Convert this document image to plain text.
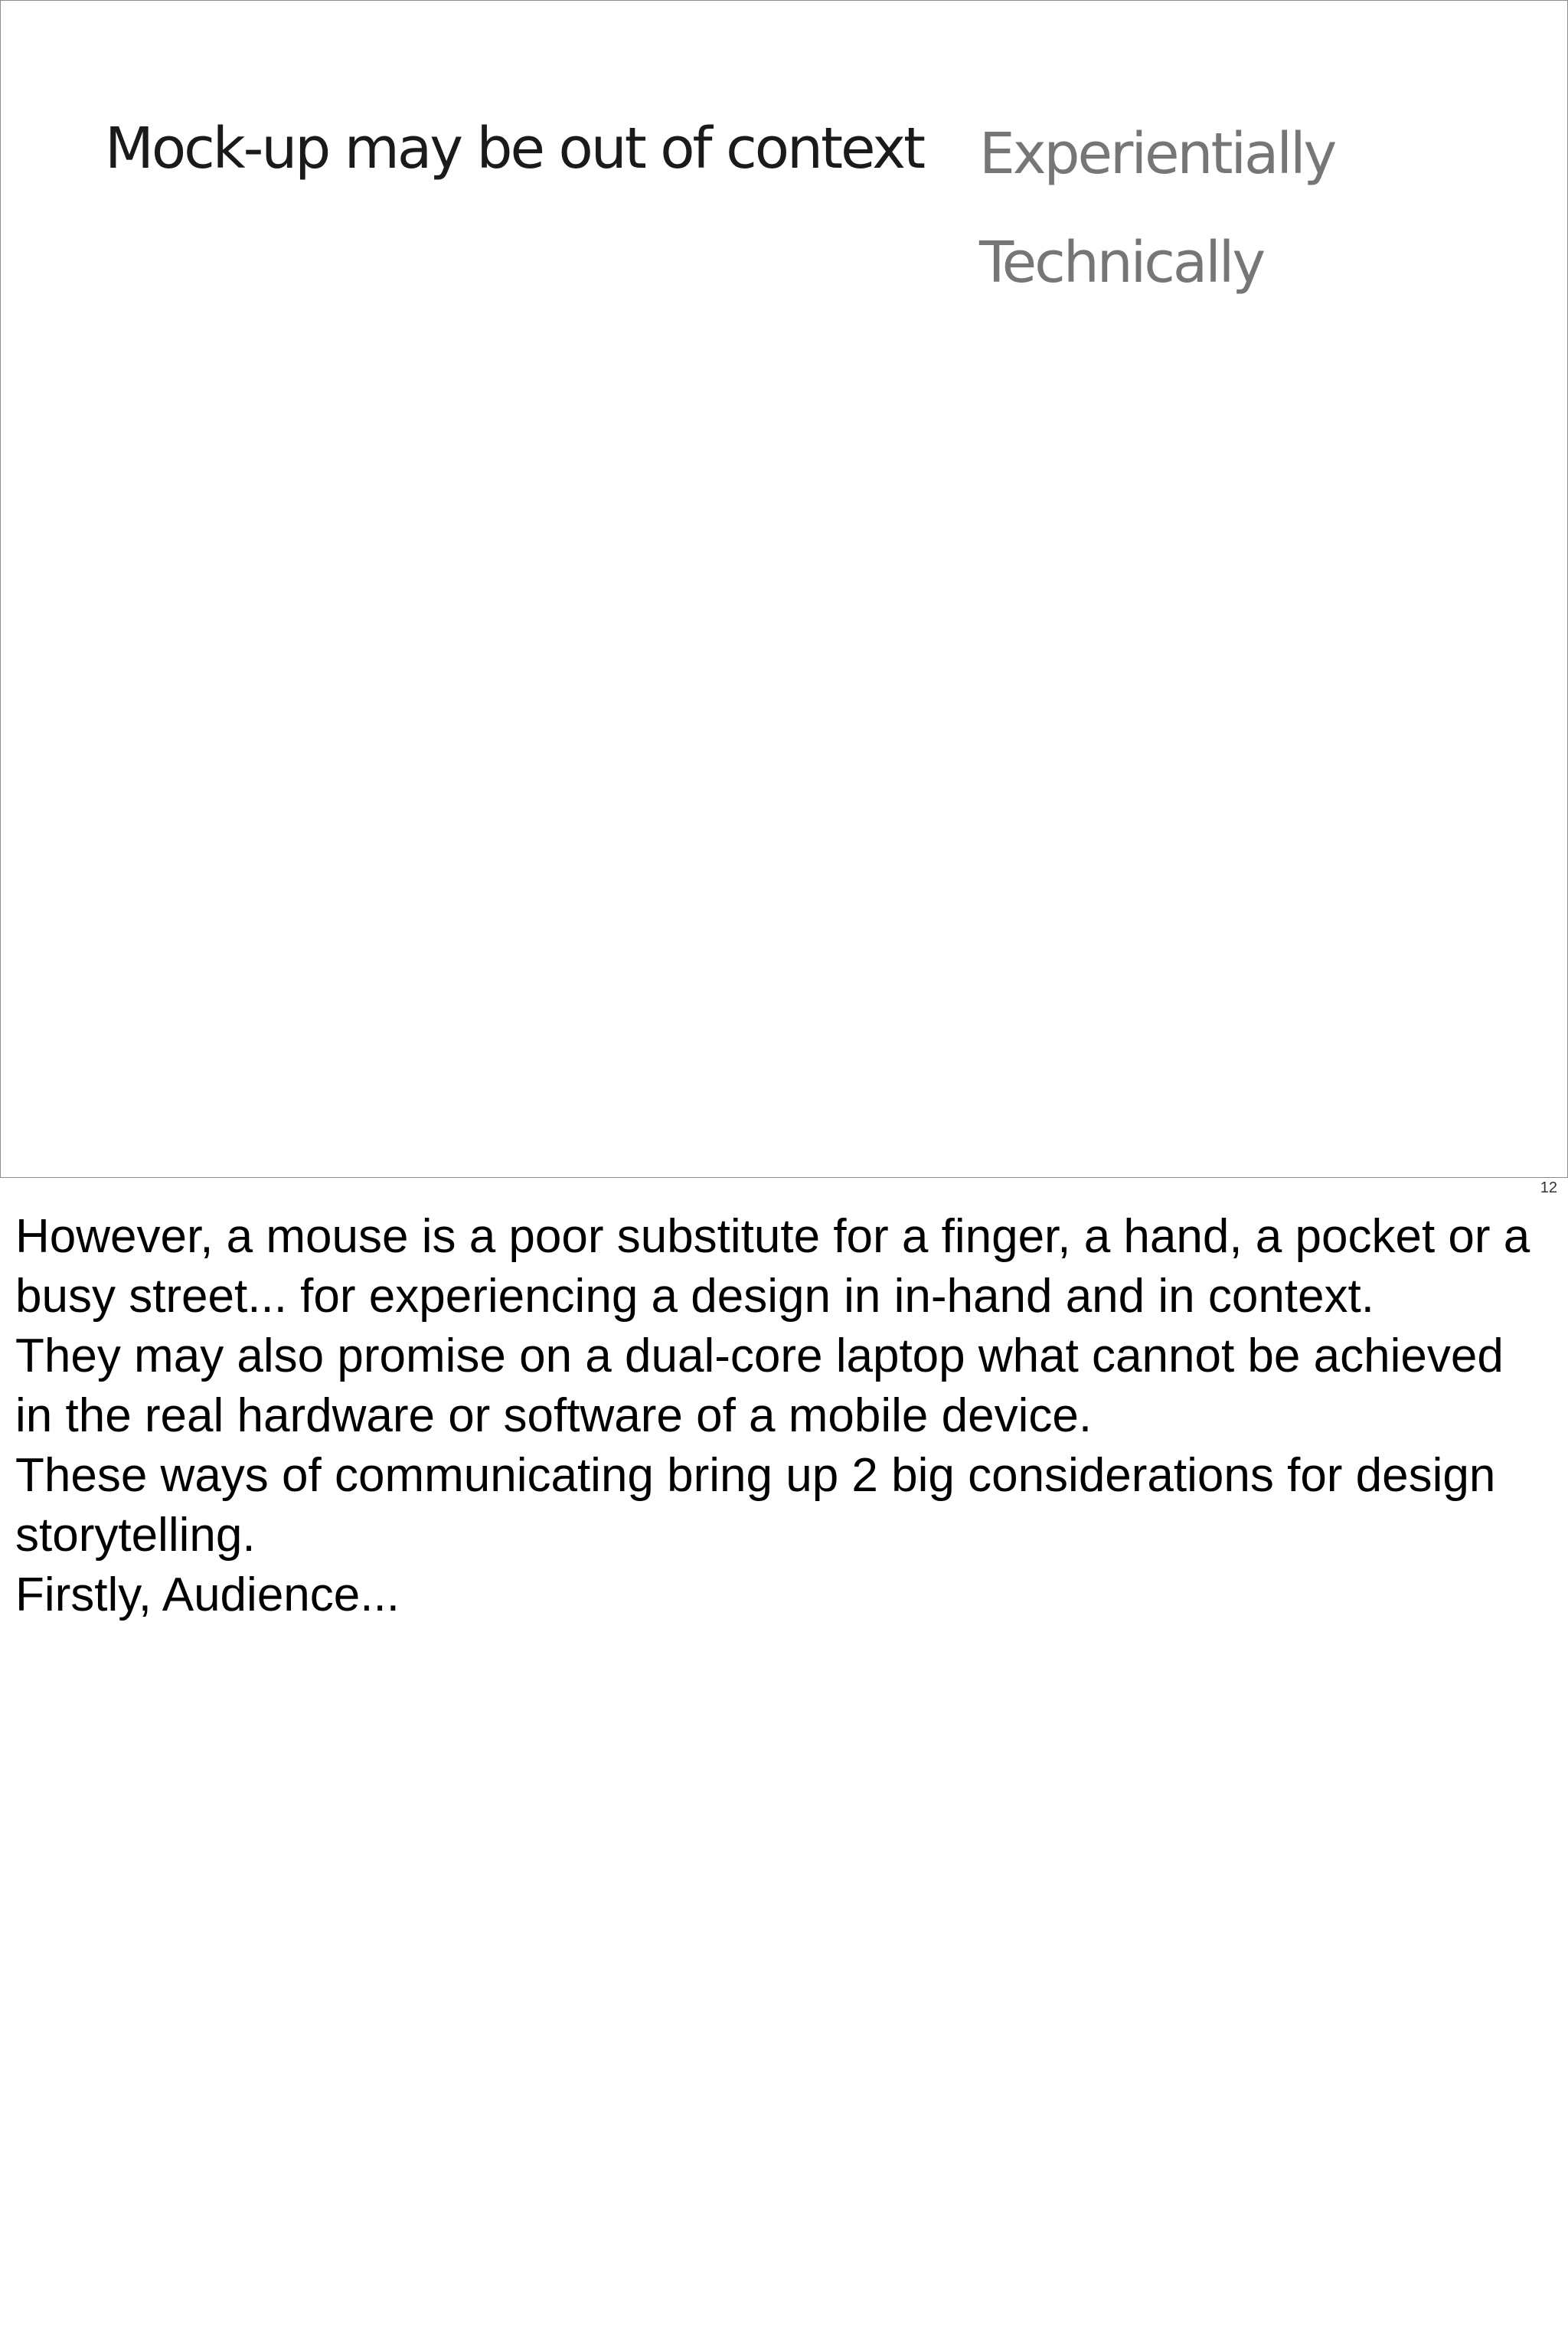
Mock-up may be out of context Experientially
Technically
12

However, a mouse is a poor substitute for a finger, a hand, a pocket or a busy street... for experiencing a design in in-hand and in context.

They may also promise on a dual-core laptop what cannot be achieved in the real hardware or software of a mobile device.

These ways of communicating bring up 2 big considerations for design storytelling.

Firstly, Audience...
